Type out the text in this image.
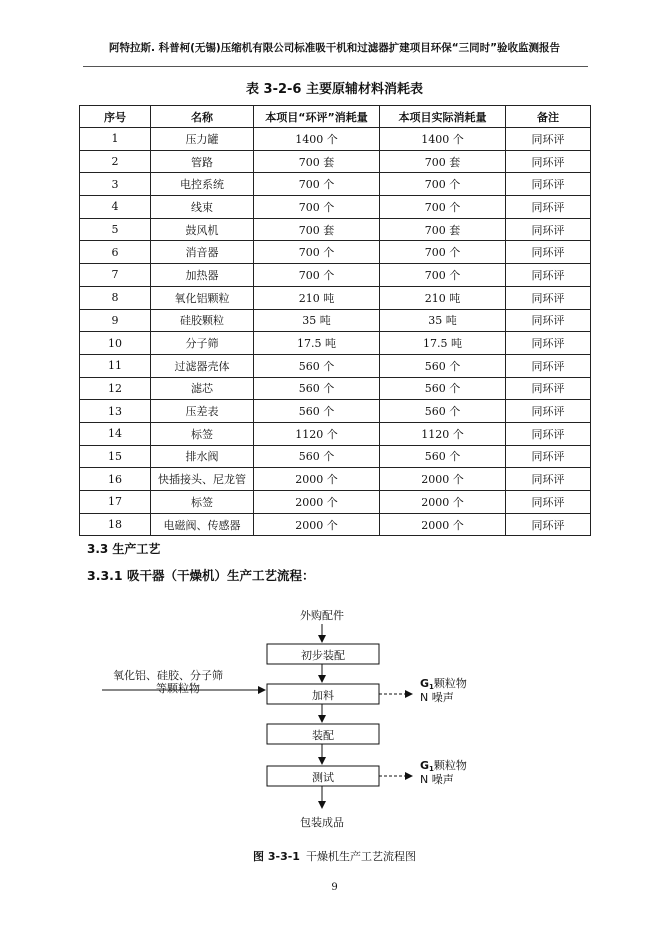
阿特拉斯. 科普柯(无锡)压缩机有限公司标准吸干机和过滤器扩建项目环保“三同时”验收监测报告
表 3-2-6 主要原辅材料消耗表
序号	名称	本项目“环评”消耗量	本项目实际消耗量	备注
1	压力罐	1400 个	1400 个	同环评
2	管路	700 套	700 套	同环评
3	电控系统	700 个	700 个	同环评
4	线束	700 个	700 个	同环评
5	鼓风机	700 套	700 套	同环评
6	消音器	700 个	700 个	同环评
7	加热器	700 个	700 个	同环评
8	氧化铝颗粒	210 吨	210 吨	同环评
9	硅胶颗粒	35 吨	35 吨	同环评
10	分子筛	17.5 吨	17.5 吨	同环评
11	过滤器壳体	560 个	560 个	同环评
12	滤芯	560 个	560 个	同环评
13	压差表	560 个	560 个	同环评
14	标签	1120 个	1120 个	同环评
15	排水阀	560 个	560 个	同环评
16	快插接头、尼龙管	2000 个	2000 个	同环评
17	标签	2000 个	2000 个	同环评
18	电磁阀、传感器	2000 个	2000 个	同环评
3.3 生产工艺
3.3.1 吸干器（干燥机）生产工艺流程：
外购配件
初步装配
氧化铝、硅胶、分子筛
等颗粒物
加料
G1颗粒物
N 噪声
装配
测试
G1颗粒物
N 噪声
包装成品
图 3-3-1 干燥机生产工艺流程图
9
